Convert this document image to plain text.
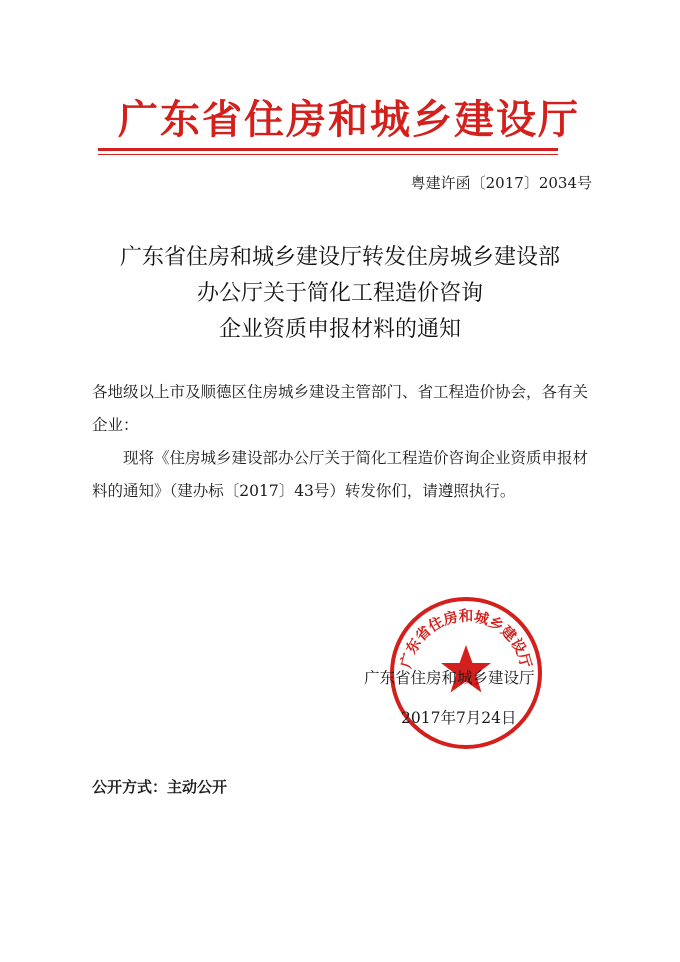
广东省住房和城乡建设厅
粤建许函〔2017〕2034号
广东省住房和城乡建设厅转发住房城乡建设部
办公厅关于简化工程造价咨询
企业资质申报材料的通知

各地级以上市及顺德区住房城乡建设主管部门、省工程造价协会，各有关企业：

现将《住房城乡建设部办公厅关于简化工程造价咨询企业资质申报材料的通知》（建办标〔2017〕43号）转发你们，请遵照执行。

广东省住房和城乡建设厅
广东省住房和城乡建设厅
2017年7月24日
公开方式：主动公开
